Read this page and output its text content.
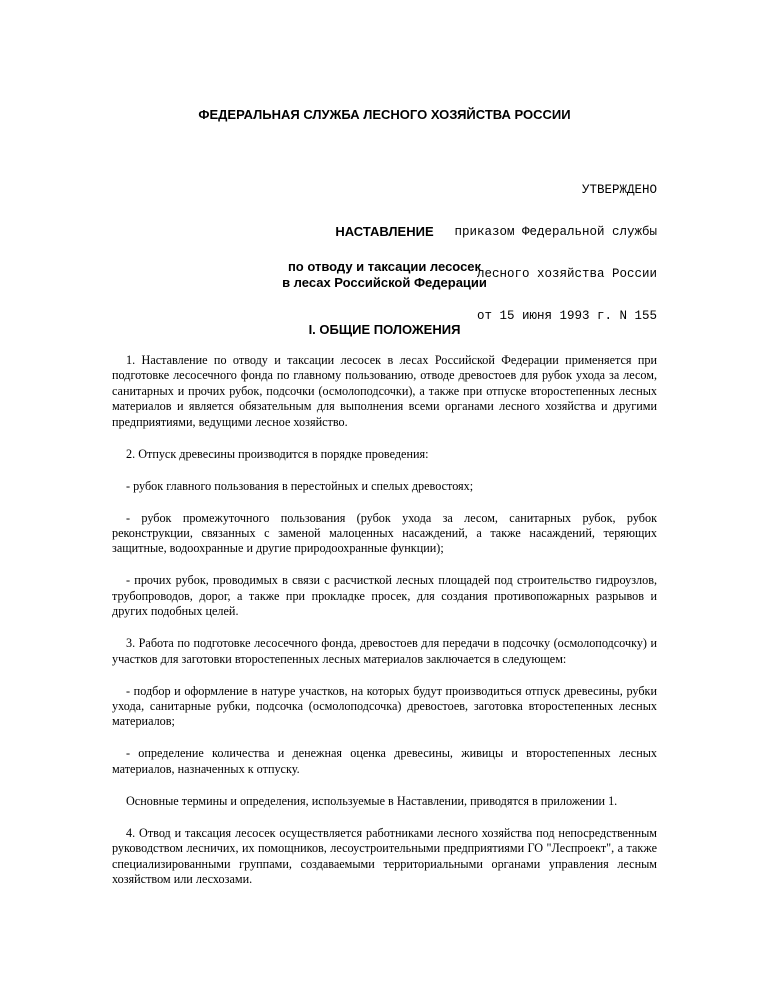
ФЕДЕРАЛЬНАЯ СЛУЖБА ЛЕСНОГО ХОЗЯЙСТВА РОССИИ

УТВЕРЖДЕНО

приказом Федеральной службы

лесного хозяйства России

от 15 июня 1993 г. N 155

НАСТАВЛЕНИЕ
по отводу и таксации лесосек
в лесах Российской Федерации
I. ОБЩИЕ ПОЛОЖЕНИЯ

1. Наставление по отводу и таксации лесосек в лесах Российской Федерации применяется при подготовке лесосечного фонда по главному пользованию, отводе древостоев для рубок ухода за лесом, санитарных и прочих рубок, подсочки (осмолоподсочки), а также при отпуске второстепенных лесных материалов и является обязательным для выполнения всеми органами лесного хозяйства и другими предприятиями, ведущими лесное хозяйство.

2. Отпуск древесины производится в порядке проведения:

- рубок главного пользования в перестойных и спелых древостоях;

- рубок промежуточного пользования (рубок ухода за лесом, санитарных рубок, рубок реконструкции, связанных с заменой малоценных насаждений, а также насаждений, теряющих защитные, водоохранные и другие природоохранные функции);

- прочих рубок, проводимых в связи с расчисткой лесных площадей под строительство гидроузлов, трубопроводов, дорог, а также при прокладке просек, для создания противопожарных разрывов и других подобных целей.

3. Работа по подготовке лесосечного фонда, древостоев для передачи в подсочку (осмолоподсочку) и участков для заготовки второстепенных лесных материалов заключается в следующем:

- подбор и оформление в натуре участков, на которых будут производиться отпуск древесины, рубки ухода, санитарные рубки, подсочка (осмолоподсочка) древостоев, заготовка второстепенных лесных материалов;

- определение количества и денежная оценка древесины, живицы и второстепенных лесных материалов, назначенных к отпуску.

Основные термины и определения, используемые в Наставлении, приводятся в приложении 1.

4. Отвод и таксация лесосек осуществляется работниками лесного хозяйства под непосредственным руководством лесничих, их помощников, лесоустроительными предприятиями ГО "Леспроект", а также специализированными группами, создаваемыми территориальными органами управления лесным хозяйством или лесхозами.
